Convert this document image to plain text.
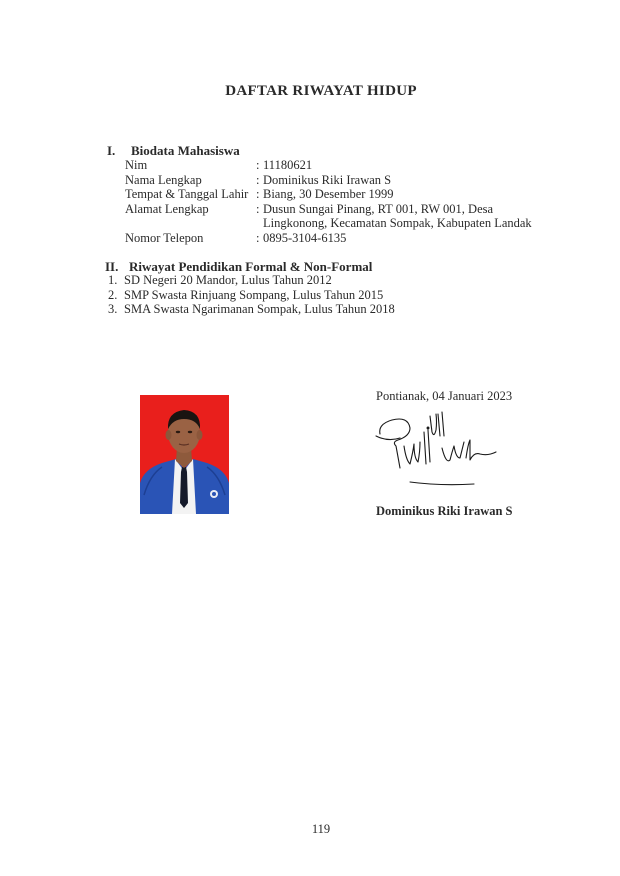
DAFTAR RIWAYAT HIDUP
I. Biodata Mahasiswa
Nim	: 11180621
Nama Lengkap	: Dominikus Riki Irawan S
Tempat & Tanggal Lahir : Biang, 30 Desember 1999
Alamat Lengkap	: Dusun Sungai Pinang, RT 001, RW 001, Desa
Lingkonong, Kecamatan Sompak, Kabupaten Landak
Nomor Telepon	: 0895-3104-6135
II. Riwayat Pendidikan Formal & Non-Formal
1. SD Negeri 20 Mandor, Lulus Tahun 2012
2. SMP Swasta Rinjuang Sompang, Lulus Tahun 2015
3. SMA Swasta Ngarimanan Sompak, Lulus Tahun 2018
Pontianak, 04 Januari 2023
Dominikus Riki Irawan S
119
